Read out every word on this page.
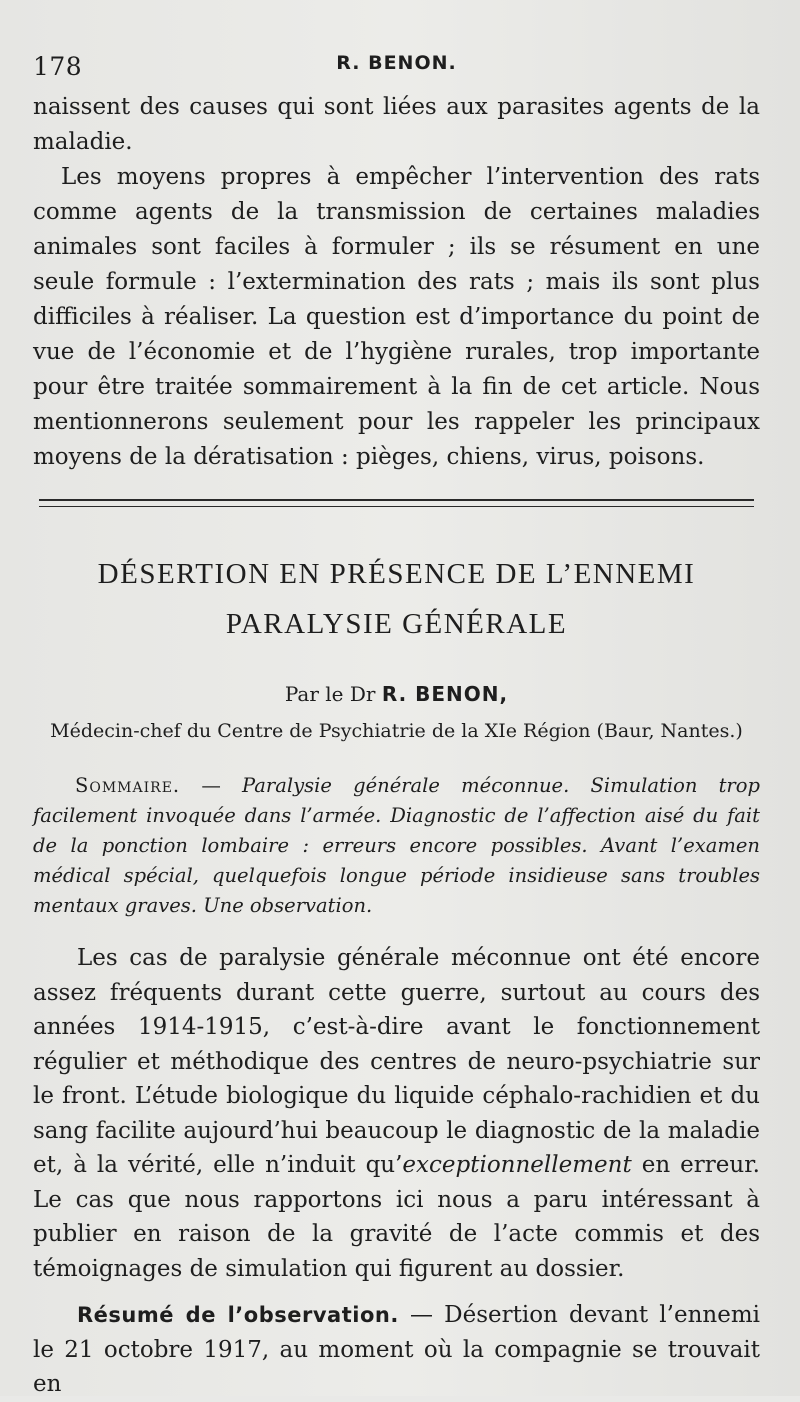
178	R. BENON.

naissent des causes qui sont liées aux parasites agents de la maladie.

Les moyens propres à empêcher l’intervention des rats comme agents de la transmission de certaines maladies animales sont faciles à formuler ; ils se résument en une seule formule : l’extermination des rats ; mais ils sont plus difficiles à réaliser. La question est d’importance du point de vue de l’économie et de l’hygiène rurales, trop importante pour être traitée sommairement à la fin de cet article. Nous mentionnerons seulement pour les rappeler les principaux moyens de la dératisation : pièges, chiens, virus, poisons.

DÉSERTION EN PRÉSENCE DE L’ENNEMI
PARALYSIE GÉNÉRALE

Par le Dr R. BENON,

Médecin-chef du Centre de Psychiatrie de la XIe Région (Baur, Nantes.)

Sommaire. — Paralysie générale méconnue. Simulation trop facilement invoquée dans l’armée. Diagnostic de l’affection aisé du fait de la ponction lombaire : erreurs encore possibles. Avant l’examen médical spécial, quelquefois longue période insidieuse sans troubles mentaux graves. Une observation.

Les cas de paralysie générale méconnue ont été encore assez fréquents durant cette guerre, surtout au cours des années 1914-1915, c’est-à-dire avant le fonctionnement régulier et méthodique des centres de neuro-psychiatrie sur le front. L’étude biologique du liquide céphalo-rachidien et du sang facilite aujourd’hui beaucoup le diagnostic de la maladie et, à la vérité, elle n’induit qu’exceptionnellement en erreur. Le cas que nous rapportons ici nous a paru intéressant à publier en raison de la gravité de l’acte commis et des témoignages de simulation qui figurent au dossier.

Résumé de l’observation. — Désertion devant l’ennemi le 21 octobre 1917, au moment où la compagnie se trouvait en
